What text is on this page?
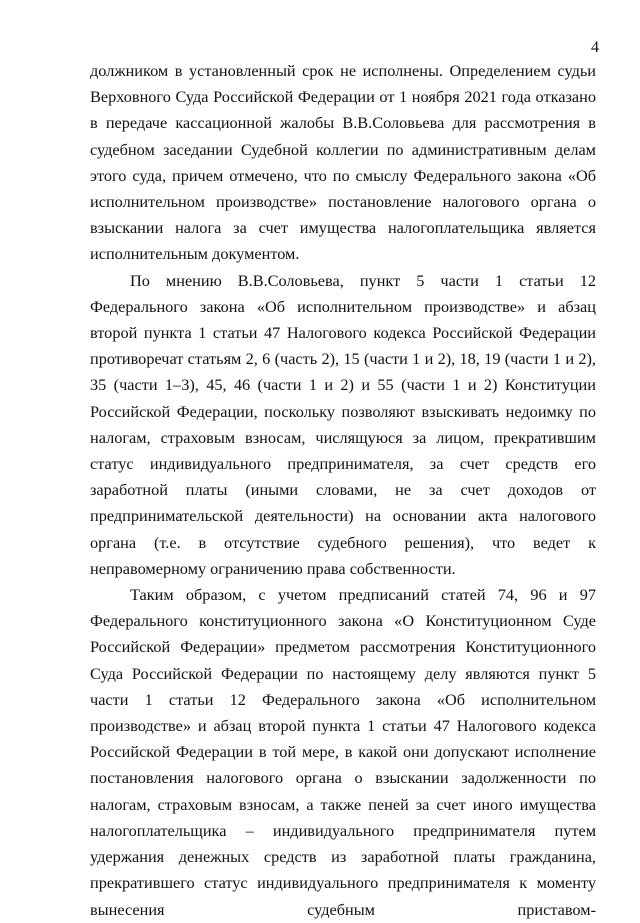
4

должником в установленный срок не исполнены. Определением судьи Верховного Суда Российской Федерации от 1 ноября 2021 года отказано в передаче кассационной жалобы В.В.Соловьева для рассмотрения в судебном заседании Судебной коллегии по административным делам этого суда, причем отмечено, что по смыслу Федерального закона «Об исполнительном производстве» постановление налогового органа о взыскании налога за счет имущества налогоплательщика является исполнительным документом.

По мнению В.В.Соловьева, пункт 5 части 1 статьи 12 Федерального закона «Об исполнительном производстве» и абзац второй пункта 1 статьи 47 Налогового кодекса Российской Федерации противоречат статьям 2, 6 (часть 2), 15 (части 1 и 2), 18, 19 (части 1 и 2), 35 (части 1–3), 45, 46 (части 1 и 2) и 55 (части 1 и 2) Конституции Российской Федерации, поскольку позволяют взыскивать недоимку по налогам, страховым взносам, числящуюся за лицом, прекратившим статус индивидуального предпринимателя, за счет средств его заработной платы (иными словами, не за счет доходов от предпринимательской деятельности) на основании акта налогового органа (т.е. в отсутствие судебного решения), что ведет к неправомерному ограничению права собственности.

Таким образом, с учетом предписаний статей 74, 96 и 97 Федерального конституционного закона «О Конституционном Суде Российской Федерации» предметом рассмотрения Конституционного Суда Российской Федерации по настоящему делу являются пункт 5 части 1 статьи 12 Федерального закона «Об исполнительном производстве» и абзац второй пункта 1 статьи 47 Налогового кодекса Российской Федерации в той мере, в какой они допускают исполнение постановления налогового органа о взыскании задолженности по налогам, страховым взносам, а также пеней за счет иного имущества налогоплательщика – индивидуального предпринимателя путем удержания денежных средств из заработной платы гражданина, прекратившего статус индивидуального предпринимателя к моменту вынесения судебным приставом-
